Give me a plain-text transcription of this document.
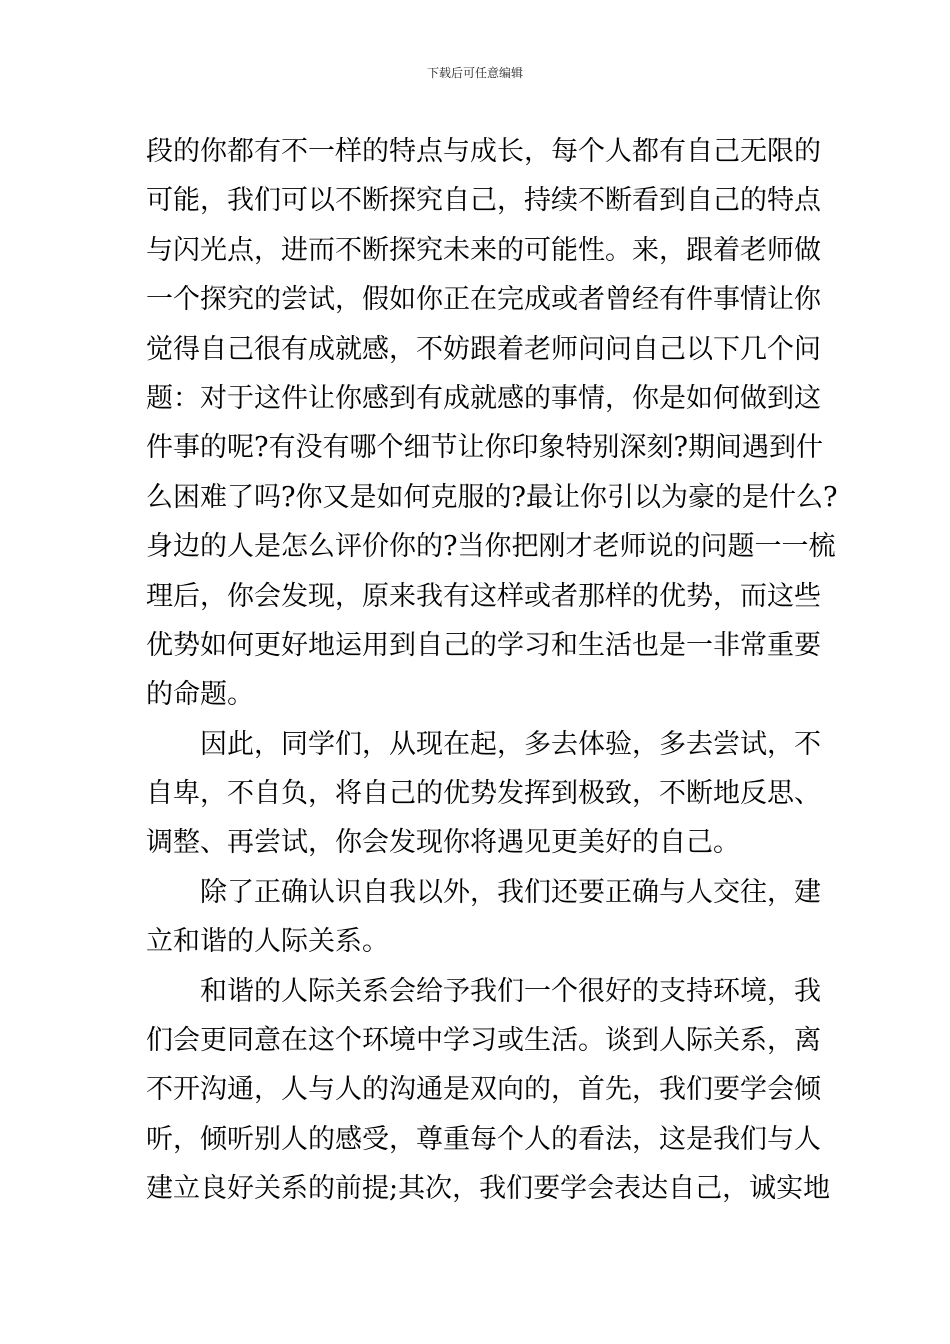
下载后可任意编辑
段的你都有不一样的特点与成长，每个人都有自己无限的
可能，我们可以不断探究自己，持续不断看到自己的特点
与闪光点，进而不断探究未来的可能性。来，跟着老师做
一个探究的尝试，假如你正在完成或者曾经有件事情让你
觉得自己很有成就感，不妨跟着老师问问自己以下几个问
题：对于这件让你感到有成就感的事情，你是如何做到这
件事的呢?有没有哪个细节让你印象特别深刻?期间遇到什
么困难了吗?你又是如何克服的?最让你引以为豪的是什么?
身边的人是怎么评价你的?当你把刚才老师说的问题一一梳
理后，你会发现，原来我有这样或者那样的优势，而这些
优势如何更好地运用到自己的学习和生活也是一非常重要
的命题。
因此，同学们，从现在起，多去体验，多去尝试，不
自卑，不自负，将自己的优势发挥到极致，不断地反思、
调整、再尝试，你会发现你将遇见更美好的自己。
除了正确认识自我以外，我们还要正确与人交往，建
立和谐的人际关系。
和谐的人际关系会给予我们一个很好的支持环境，我
们会更同意在这个环境中学习或生活。谈到人际关系，离
不开沟通，人与人的沟通是双向的，首先，我们要学会倾
听，倾听别人的感受，尊重每个人的看法，这是我们与人
建立良好关系的前提;其次，我们要学会表达自己，诚实地
